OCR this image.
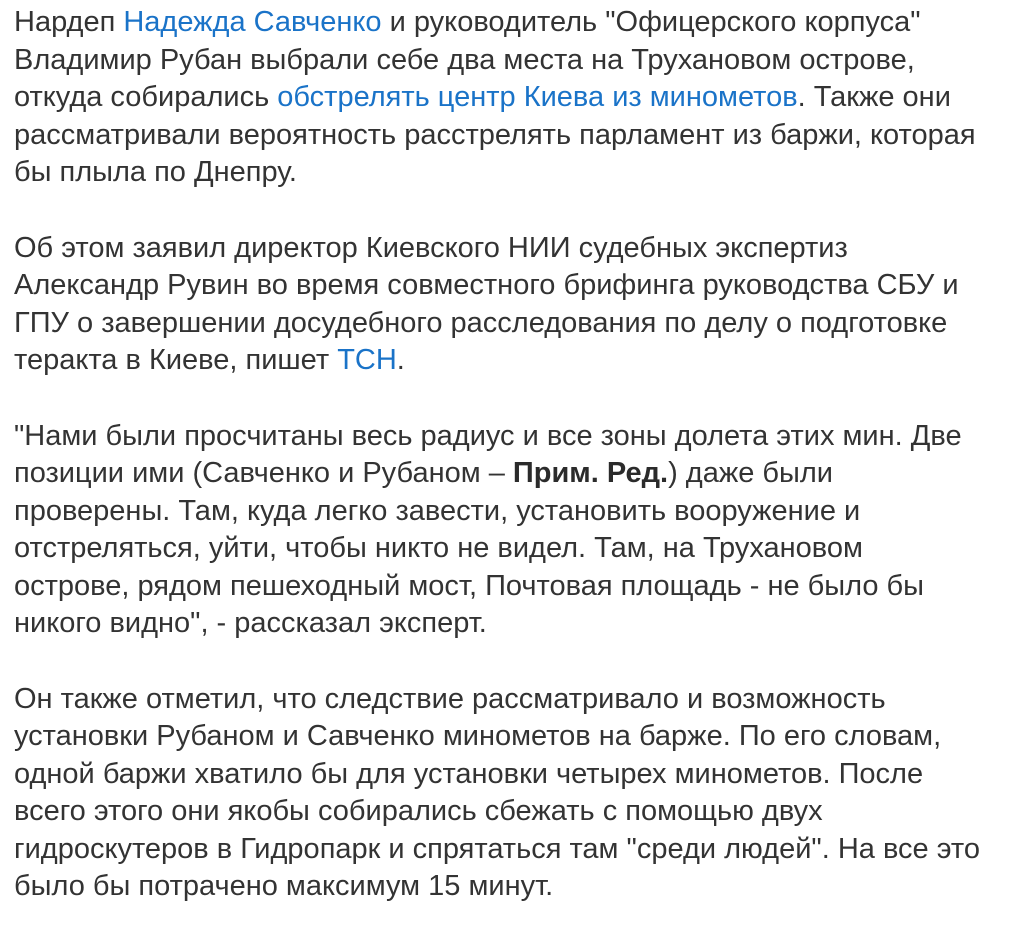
Нардеп Надежда Савченко и руководитель "Офицерского корпуса"
Владимир Рубан выбрали себе два места на Трухановом острове,
откуда собирались обстрелять центр Киева из минометов. Также они
рассматривали вероятность расстрелять парламент из баржи, которая
бы плыла по Днепру.

Об этом заявил директор Киевского НИИ судебных экспертиз
Александр Рувин во время совместного брифинга руководства СБУ и
ГПУ о завершении досудебного расследования по делу о подготовке
теракта в Киеве, пишет ТСН.

"Нами были просчитаны весь радиус и все зоны долета этих мин. Две
позиции ими (Савченко и Рубаном – Прим. Ред.) даже были
проверены. Там, куда легко завести, установить вооружение и
отстреляться, уйти, чтобы никто не видел. Там, на Трухановом
острове, рядом пешеходный мост, Почтовая площадь - не было бы
никого видно", - рассказал эксперт.

Он также отметил, что следствие рассматривало и возможность
установки Рубаном и Савченко минометов на барже. По его словам,
одной баржи хватило бы для установки четырех минометов. После
всего этого они якобы собирались сбежать с помощью двух
гидроскутеров в Гидропарк и спрятаться там "среди людей". На все это
было бы потрачено максимум 15 минут.
